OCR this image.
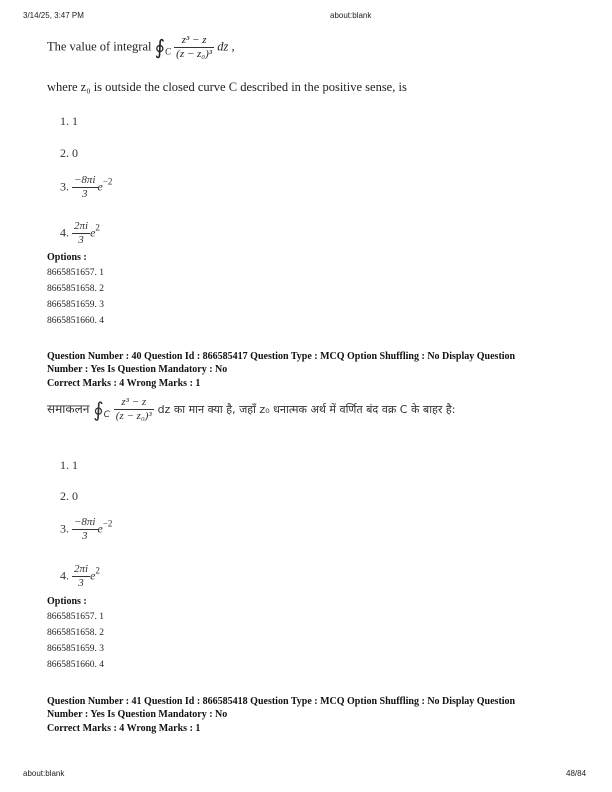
3/14/25, 3:47 PM	about:blank
The value of integral $∮_C \frac{\text{z³ − z}}{\text{(z − z₀)³}}$ dz ,
where z₀ is outside the closed curve C described in the positive sense, is
1. 1
2. 0
3. $\frac{-8\pi i}{3} e^{-2}$
4. $\frac{2\pi i}{3} e^2$
Options :
8665851657. 1
8665851658. 2
8665851659. 3
8665851660. 4
Question Number : 40 Question Id : 866585417 Question Type : MCQ Option Shuffling : No Display Question
Number : Yes Is Question Mandatory : No
Correct Marks : 4 Wrong Marks : 1
समाकलन $∮_C \frac{\text{z³ − z}}{\text{(z − z₀)³}}$ dz का मान क्या है, जहाँ z₀ धनात्मक अर्थ में वर्णित बंद वक्र C के बाहर है:
1. 1
2. 0
3. $\frac{-8\pi i}{3} e^{-2}$
4. $\frac{2\pi i}{3} e^2$
Options :
8665851657. 1
8665851658. 2
8665851659. 3
8665851660. 4
Question Number : 41 Question Id : 866585418 Question Type : MCQ Option Shuffling : No Display Question
Number : Yes Is Question Mandatory : No
Correct Marks : 4 Wrong Marks : 1
about:blank	48/84
